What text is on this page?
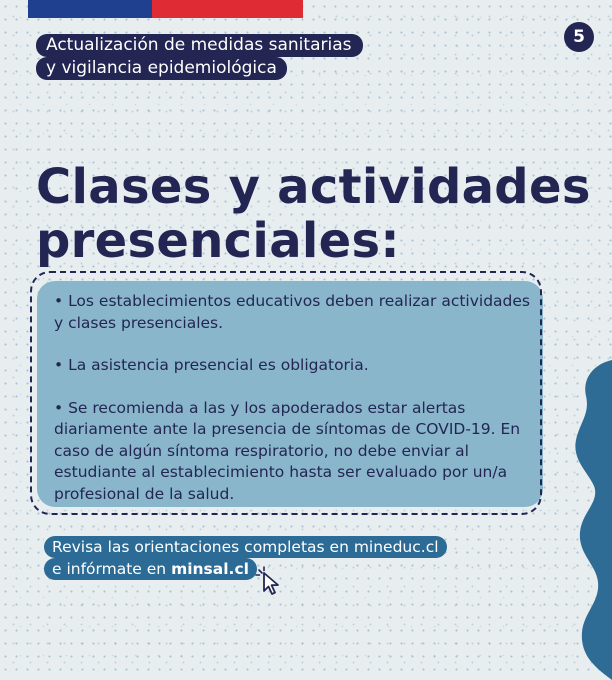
5
Actualización de medidas sanitarias
y vigilancia epidemiológica
Clases y actividades
presenciales:

• Los establecimientos educativos deben realizar actividades y clases presenciales.

• La asistencia presencial es obligatoria.

• Se recomienda a las y los apoderados estar alertas diariamente ante la presencia de síntomas de COVID-19. En caso de algún síntoma respiratorio, no debe enviar al estudiante al establecimiento hasta ser evaluado por un/a profesional de la salud.

Revisa las orientaciones completas en mineduc.cl
e infórmate en minsal.cl
